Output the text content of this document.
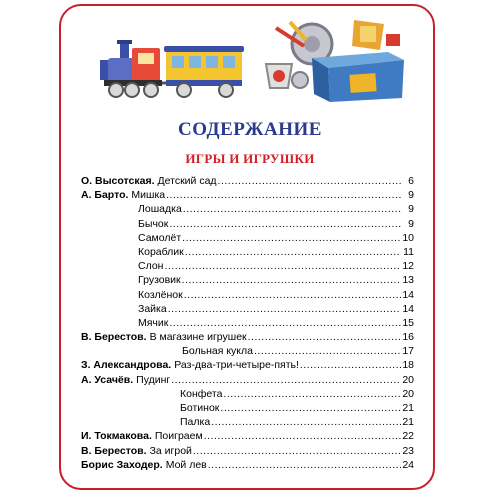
СОДЕРЖАНИЕ
ИГРЫ И ИГРУШКИ
О. Высотская. Детский сад .....	6
А. Барто. Мишка .....	9
Лошадка .....	9
Бычок .....	9
Самолёт .....	10
Кораблик .....	11
Слон .....	12
Грузовик .....	13
Козлёнок .....	14
Зайка .....	14
Мячик .....	15
В. Берестов. В магазине игрушек .....	16
Больная кукла .....	17
З. Александрова. Раз-два-три-четыре-пять! .....	18
А. Усачёв. Пудинг .....	20
Конфета .....	20
Ботинок .....	21
Палка .....	21
И. Токмакова. Поиграем .....	22
В. Берестов. За игрой .....	23
Борис Заходер. Мой лев .....	24
